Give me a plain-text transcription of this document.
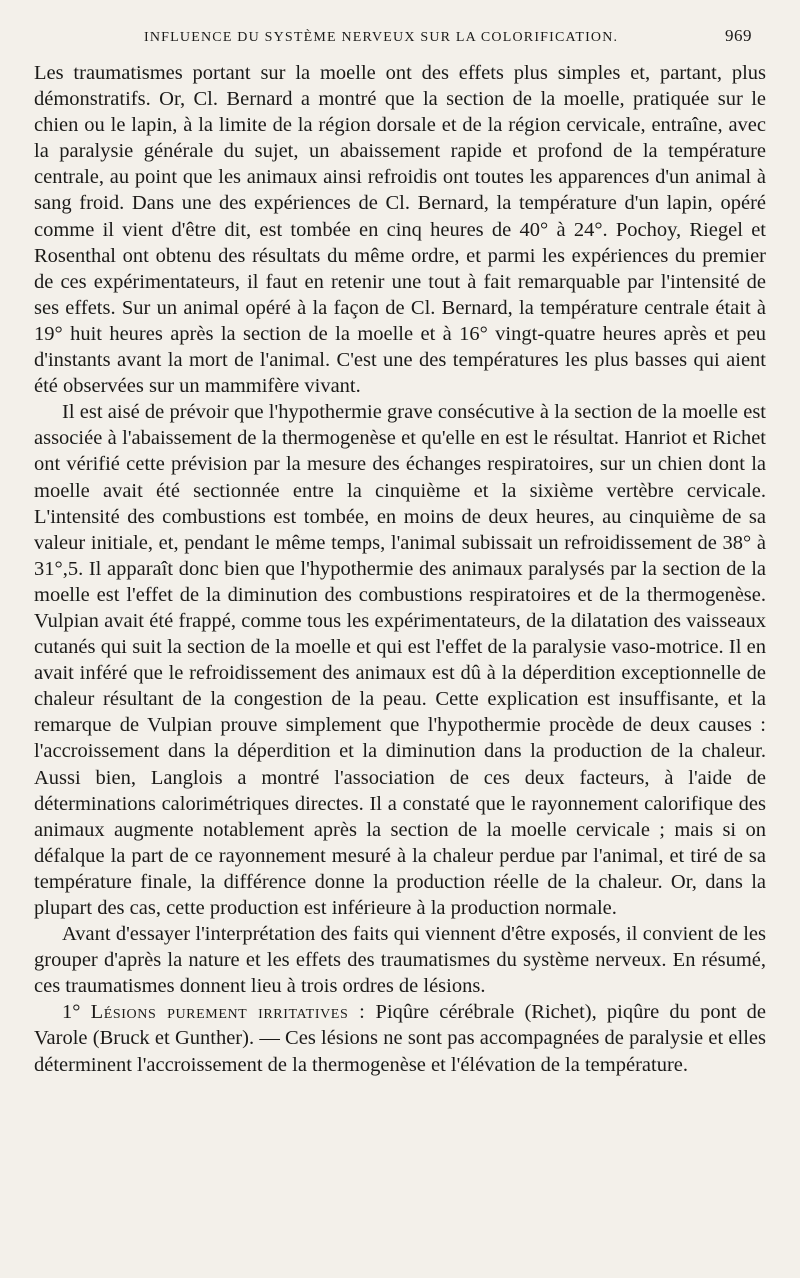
INFLUENCE DU SYSTÈME NERVEUX SUR LA COLORIFICATION.	969

Les traumatismes portant sur la moelle ont des effets plus simples et, partant, plus démonstratifs. Or, Cl. Bernard a montré que la section de la moelle, pratiquée sur le chien ou le lapin, à la limite de la région dorsale et de la région cervicale, entraîne, avec la paralysie générale du sujet, un abaissement rapide et profond de la température centrale, au point que les animaux ainsi refroidis ont toutes les apparences d'un animal à sang froid. Dans une des expériences de Cl. Bernard, la température d'un lapin, opéré comme il vient d'être dit, est tombée en cinq heures de 40° à 24°. Pochoy, Riegel et Rosenthal ont obtenu des résultats du même ordre, et parmi les expériences du premier de ces expérimentateurs, il faut en retenir une tout à fait remarquable par l'intensité de ses effets. Sur un animal opéré à la façon de Cl. Bernard, la température centrale était à 19° huit heures après la section de la moelle et à 16° vingt-quatre heures après et peu d'instants avant la mort de l'animal. C'est une des températures les plus basses qui aient été observées sur un mammifère vivant.

Il est aisé de prévoir que l'hypothermie grave consécutive à la section de la moelle est associée à l'abaissement de la thermogenèse et qu'elle en est le résultat. Hanriot et Richet ont vérifié cette prévision par la mesure des échanges respiratoires, sur un chien dont la moelle avait été sectionnée entre la cinquième et la sixième vertèbre cervicale. L'intensité des combustions est tombée, en moins de deux heures, au cinquième de sa valeur initiale, et, pendant le même temps, l'animal subissait un refroidissement de 38° à 31°,5. Il apparaît donc bien que l'hypothermie des animaux paralysés par la section de la moelle est l'effet de la diminution des combustions respiratoires et de la thermogenèse. Vulpian avait été frappé, comme tous les expérimentateurs, de la dilatation des vaisseaux cutanés qui suit la section de la moelle et qui est l'effet de la paralysie vaso-motrice. Il en avait inféré que le refroidissement des animaux est dû à la déperdition exceptionnelle de chaleur résultant de la congestion de la peau. Cette explication est insuffisante, et la remarque de Vulpian prouve simplement que l'hypothermie procède de deux causes : l'accroissement dans la déperdition et la diminution dans la production de la chaleur. Aussi bien, Langlois a montré l'association de ces deux facteurs, à l'aide de déterminations calorimétriques directes. Il a constaté que le rayonnement calorifique des animaux augmente notablement après la section de la moelle cervicale ; mais si on défalque la part de ce rayonnement mesuré à la chaleur perdue par l'animal, et tiré de sa température finale, la différence donne la production réelle de la chaleur. Or, dans la plupart des cas, cette production est inférieure à la production normale.

Avant d'essayer l'interprétation des faits qui viennent d'être exposés, il convient de les grouper d'après la nature et les effets des traumatismes du système nerveux. En résumé, ces traumatismes donnent lieu à trois ordres de lésions.

1° Lésions purement irritatives : Piqûre cérébrale (Richet), piqûre du pont de Varole (Bruck et Gunther). — Ces lésions ne sont pas accompagnées de paralysie et elles déterminent l'accroissement de la thermogenèse et l'élévation de la température.
